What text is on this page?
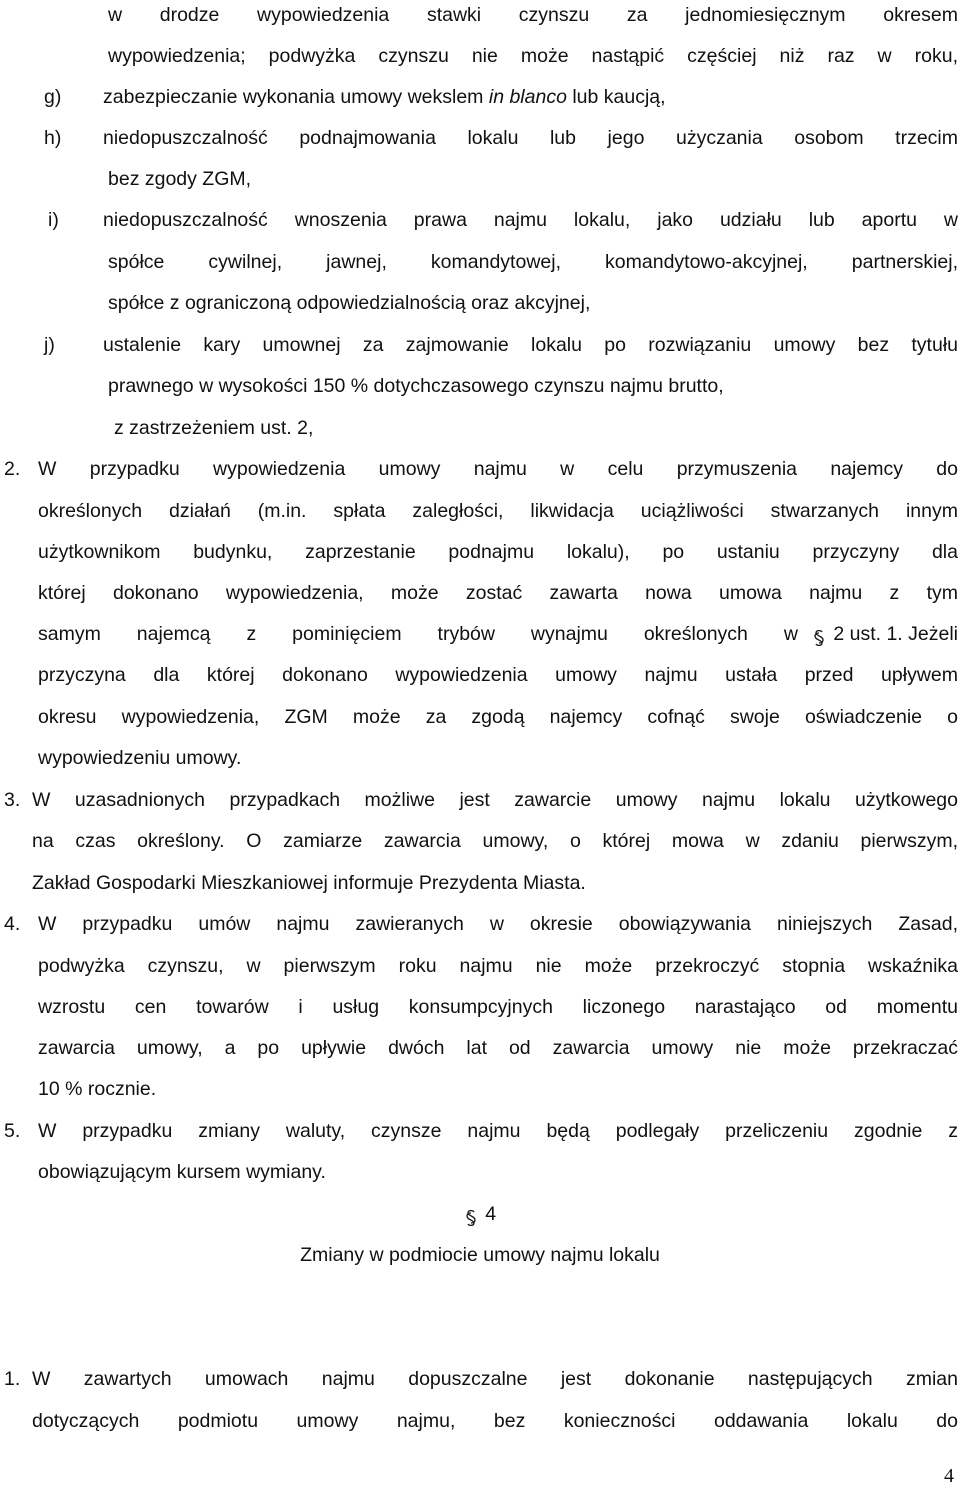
w drodze wypowiedzenia stawki czynszu za jednomiesięcznym okresem
wypowiedzenia; podwyżka czynszu nie może nastąpić częściej niż raz w roku,
g) zabezpieczanie wykonania umowy wekslem in blanco lub kaucją,
h) niedopuszczalność podnajmowania lokalu lub jego użyczania osobom trzecim
bez zgody ZGM,
i) niedopuszczalność wnoszenia prawa najmu lokalu, jako udziału lub aportu w
spółce cywilnej, jawnej, komandytowej, komandytowo-akcyjnej, partnerskiej,
spółce z ograniczoną odpowiedzialnością oraz akcyjnej,
j) ustalenie kary umownej za zajmowanie lokalu po rozwiązaniu umowy bez tytułu
prawnego w wysokości 150 % dotychczasowego czynszu najmu brutto,
z zastrzeżeniem ust. 2,
2. W przypadku wypowiedzenia umowy najmu w celu przymuszenia najemcy do
określonych działań (m.in. spłata zaległości, likwidacja uciążliwości stwarzanych innym
użytkownikom budynku, zaprzestanie podnajmu lokalu), po ustaniu przyczyny dla
której dokonano wypowiedzenia, może zostać zawarta nowa umowa najmu z tym
samym najemcą z pominięciem trybów wynajmu określonych w	2 ust. 1. Jeżeli
przyczyna dla której dokonano wypowiedzenia umowy najmu ustała przed upływem
okresu wypowiedzenia, ZGM może za zgodą najemcy cofnąć swoje oświadczenie o
wypowiedzeniu umowy.
3. W uzasadnionych przypadkach możliwe jest zawarcie umowy najmu lokalu użytkowego
na czas określony. O zamiarze zawarcia umowy, o której mowa w zdaniu pierwszym,
Zakład Gospodarki Mieszkaniowej informuje Prezydenta Miasta.
4. W przypadku umów najmu zawieranych w okresie obowiązywania niniejszych Zasad,
podwyżka czynszu, w pierwszym roku najmu nie może przekroczyć stopnia wskaźnika
wzrostu cen towarów i usług konsumpcyjnych liczonego narastająco od momentu
zawarcia umowy, a po upływie dwóch lat od zawarcia umowy nie może przekraczać
10 % rocznie.
5. W przypadku zmiany waluty, czynsze najmu będą podlegały przeliczeniu zgodnie z
obowiązującym kursem wymiany.
4
Zmiany w podmiocie umowy najmu lokalu
1. W zawartych umowach najmu dopuszczalne jest dokonanie następujących zmian
dotyczących podmiotu umowy najmu, bez konieczności oddawania lokalu do
4
